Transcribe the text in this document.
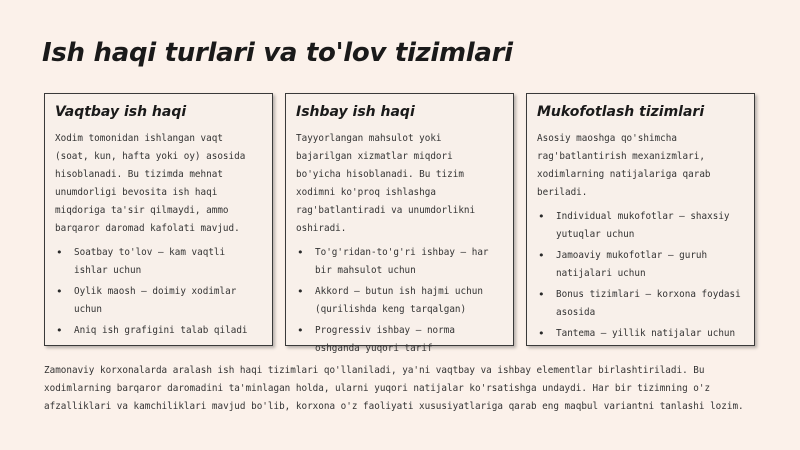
Ish haqi turlari va to'lov tizimlari
Vaqtbay ish haqi

Xodim tomonidan ishlangan vaqt (soat, kun, hafta yoki oy) asosida hisoblanadi. Bu tizimda mehnat unumdorligi bevosita ish haqi miqdoriga ta'sir qilmaydi, ammo barqaror daromad kafolati mavjud.

• Soatbay to'lov – kam vaqtli ishlar uchun
• Oylik maosh – doimiy xodimlar uchun
• Aniq ish grafigini talab qiladi
Ishbay ish haqi

Tayyorlangan mahsulot yoki bajarilgan xizmatlar miqdori bo'yicha hisoblanadi. Bu tizim xodimni ko'proq ishlashga rag'batlantiradi va unumdorlikni oshiradi.

• To'g'ridan-to'g'ri ishbay – har bir mahsulot uchun
• Akkord – butun ish hajmi uchun (qurilishda keng tarqalgan)
• Progressiv ishbay – norma oshganda yuqori tarif
Mukofotlash tizimlari

Asosiy maoshga qo'shimcha rag'batlantirish mexanizmlari, xodimlarning natijalariga qarab beriladi.

• Individual mukofotlar – shaxsiy yutuqlar uchun
• Jamoaviy mukofotlar – guruh natijalari uchun
• Bonus tizimlari – korxona foydasi asosida
• Tantema – yillik natijalar uchun

Zamonaviy korxonalarda aralash ish haqi tizimlari qo'llaniladi, ya'ni vaqtbay va ishbay elementlar birlashtiriladi. Bu xodimlarning barqaror daromadini ta'minlagan holda, ularni yuqori natijalar ko'rsatishga undaydi. Har bir tizimning o'z afzalliklari va kamchiliklari mavjud bo'lib, korxona o'z faoliyati xususiyatlariga qarab eng maqbul variantni tanlashi lozim.
